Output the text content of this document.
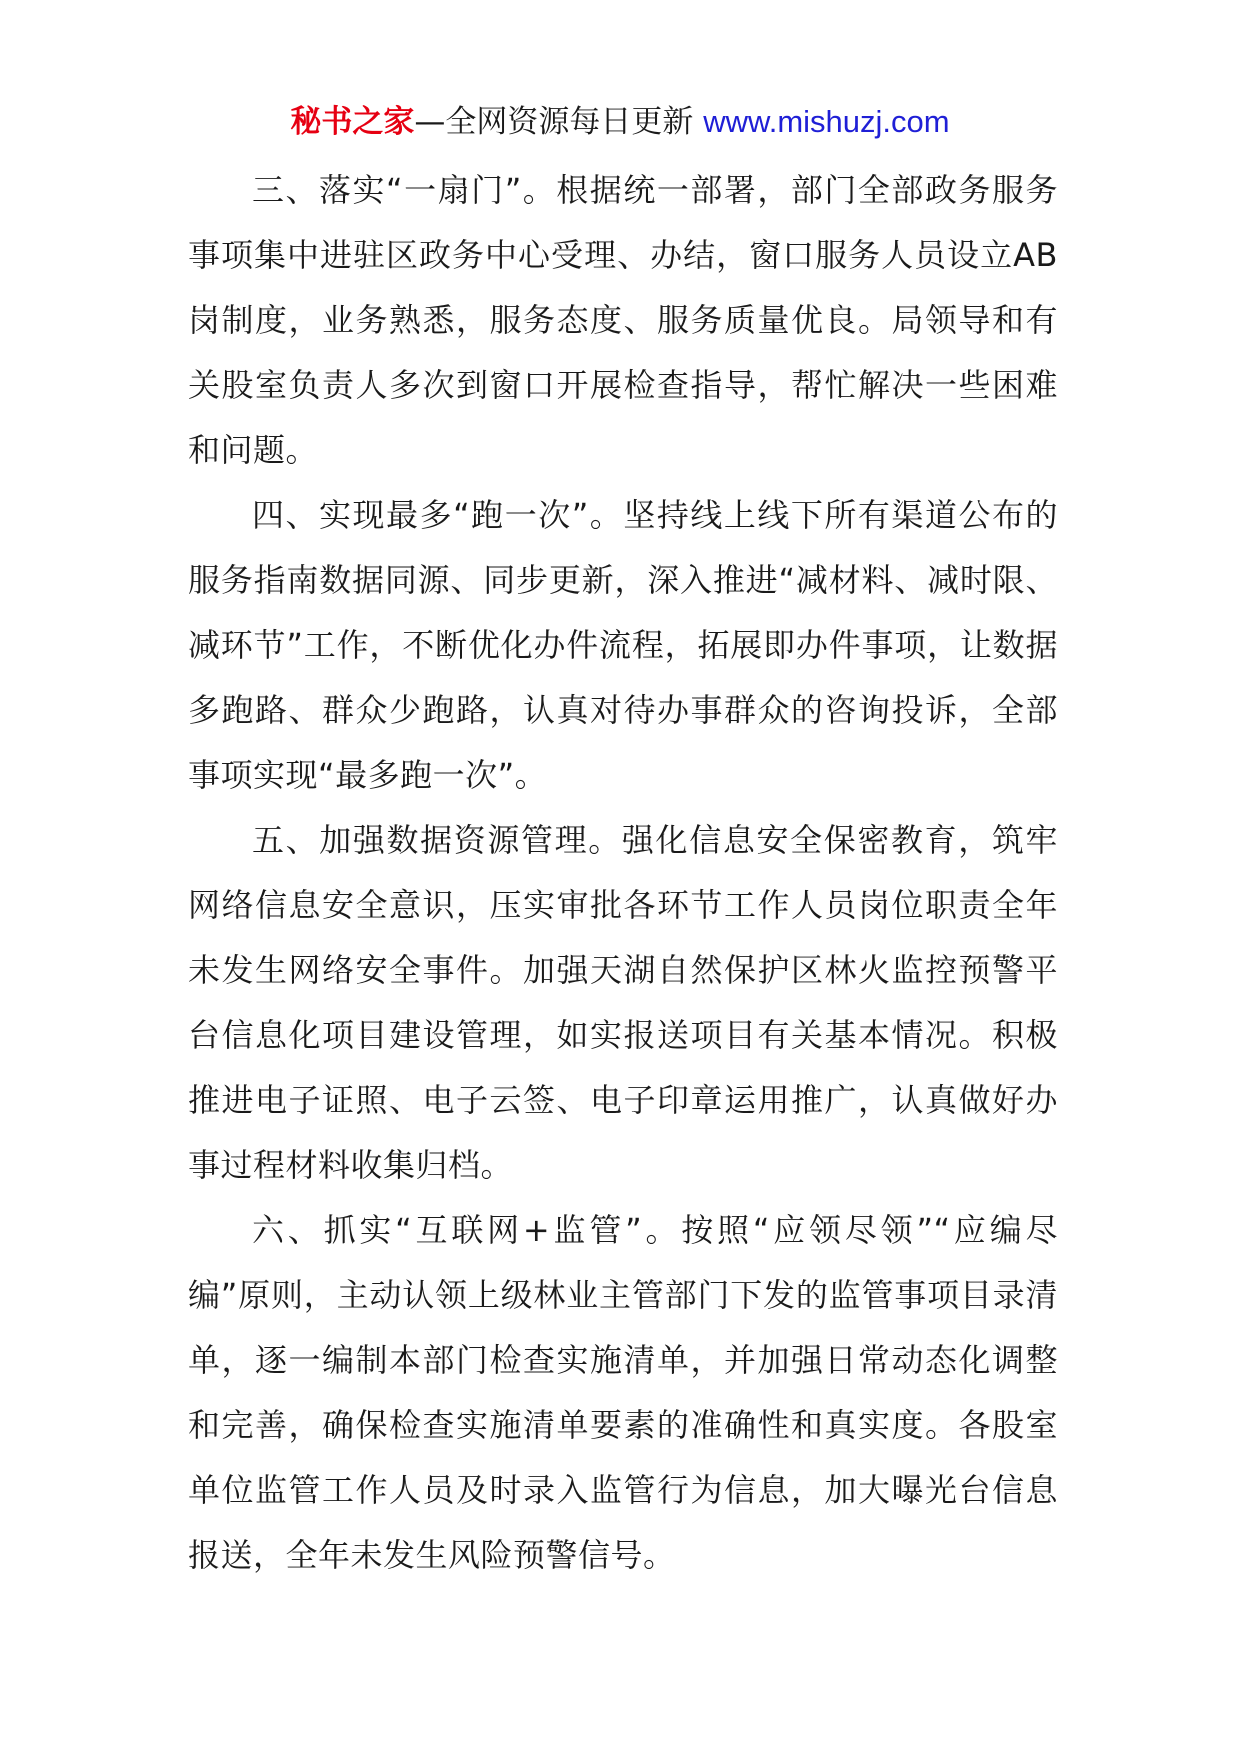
秘书之家—全网资源每日更新 www.mishuzj.com

三、落实“一扇门”。根据统一部署，部门全部政务服务事项集中进驻区政务中心受理、办结，窗口服务人员设立AB岗制度，业务熟悉，服务态度、服务质量优良。局领导和有关股室负责人多次到窗口开展检查指导，帮忙解决一些困难和问题。

四、实现最多“跑一次”。坚持线上线下所有渠道公布的服务指南数据同源、同步更新，深入推进“减材料、减时限、减环节”工作，不断优化办件流程，拓展即办件事项，让数据多跑路、群众少跑路，认真对待办事群众的咨询投诉，全部事项实现“最多跑一次”。

五、加强数据资源管理。强化信息安全保密教育，筑牢网络信息安全意识，压实审批各环节工作人员岗位职责全年未发生网络安全事件。加强天湖自然保护区林火监控预警平台信息化项目建设管理，如实报送项目有关基本情况。积极推进电子证照、电子云签、电子印章运用推广，认真做好办事过程材料收集归档。

六、抓实“互联网+监管”。按照“应领尽领”“应编尽编”原则，主动认领上级林业主管部门下发的监管事项目录清单，逐一编制本部门检查实施清单，并加强日常动态化调整和完善，确保检查实施清单要素的准确性和真实度。各股室单位监管工作人员及时录入监管行为信息，加大曝光台信息报送，全年未发生风险预警信号。
